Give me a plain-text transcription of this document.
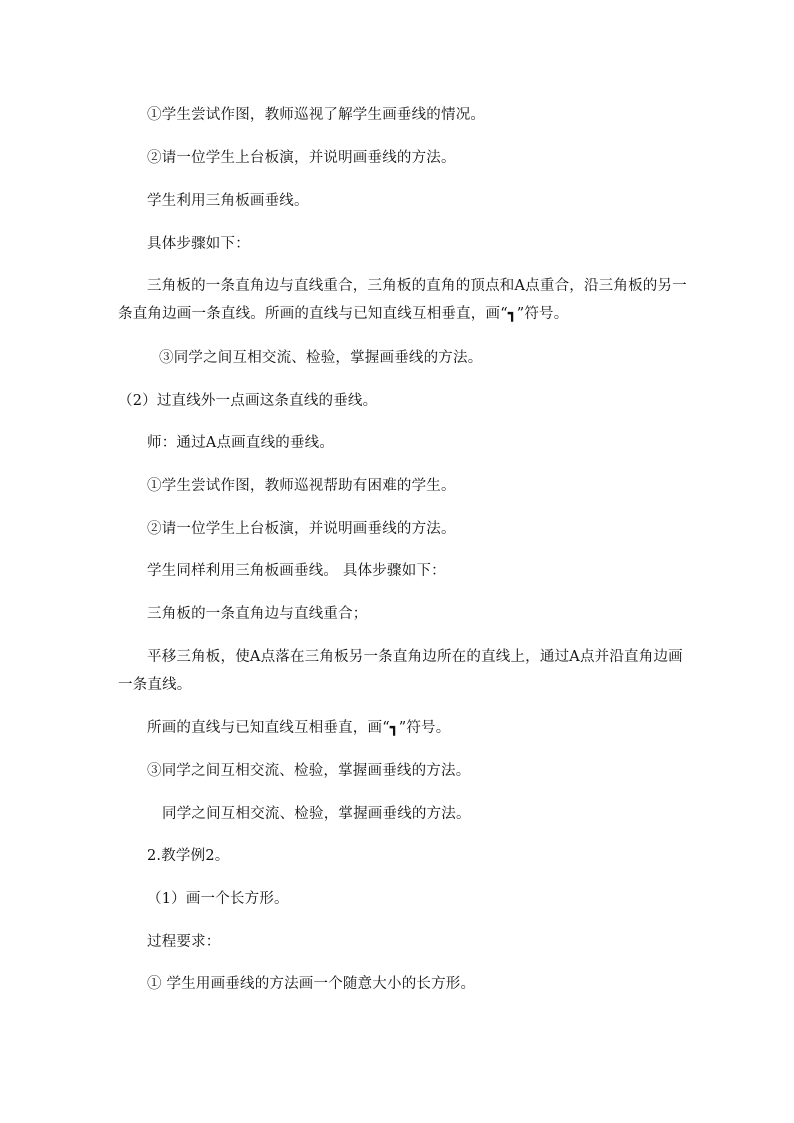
①学生尝试作图，教师巡视了解学生画垂线的情况。
②请一位学生上台板演，并说明画垂线的方法。
学生利用三角板画垂线。
具体步骤如下：
三角板的一条直角边与直线重合，三角板的直角的顶点和A点重合，沿三角板的另一
条直角边画一条直线。所画的直线与已知直线互相垂直，画“┓”符号。
③同学之间互相交流、检验，掌握画垂线的方法。
（2）过直线外一点画这条直线的垂线。
师：通过A点画直线的垂线。
①学生尝试作图，教师巡视帮助有困难的学生。
②请一位学生上台板演，并说明画垂线的方法。
学生同样利用三角板画垂线。 具体步骤如下：
三角板的一条直角边与直线重合；
平移三角板，使A点落在三角板另一条直角边所在的直线上，通过A点并沿直角边画
一条直线。
所画的直线与已知直线互相垂直，画“┓”符号。
③同学之间互相交流、检验，掌握画垂线的方法。
同学之间互相交流、检验，掌握画垂线的方法。
2.教学例2。
（1）画一个长方形。
过程要求：
① 学生用画垂线的方法画一个随意大小的长方形。
